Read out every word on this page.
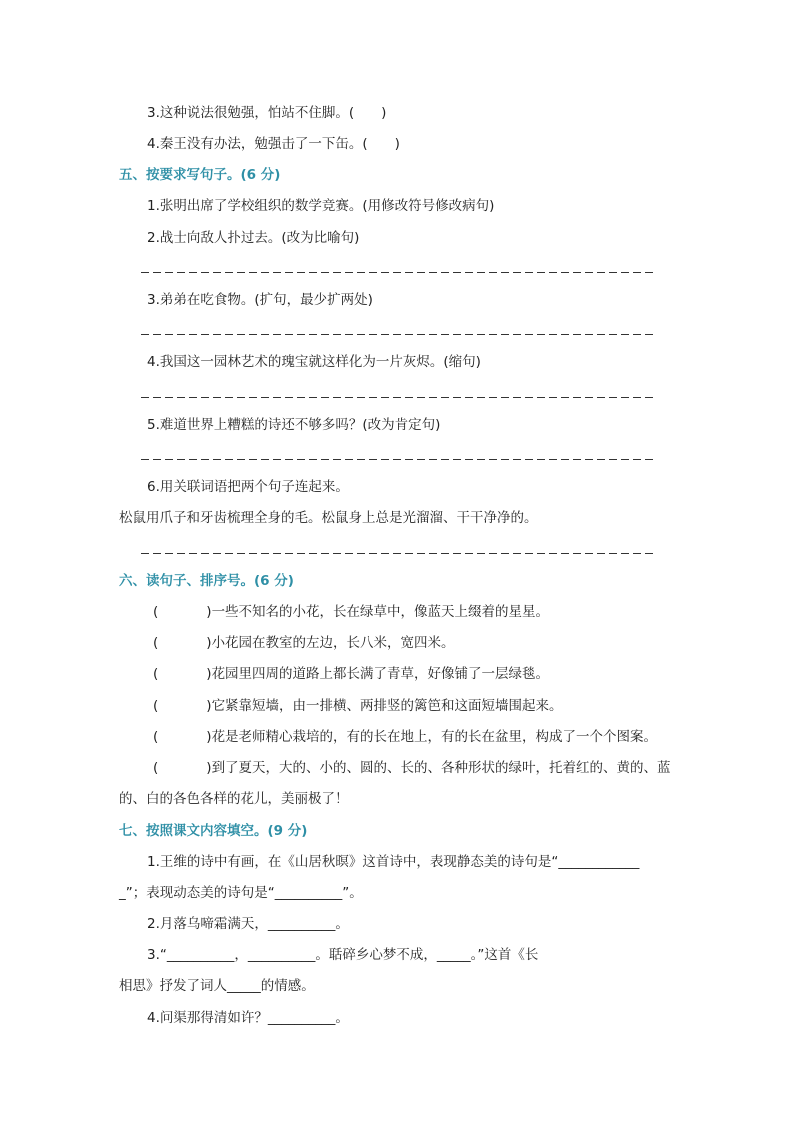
3.这种说法很勉强，怕站不住脚。(　　)
4.秦王没有办法，勉强击了一下缶。(　　)
五、按要求写句子。(6 分)
1.张明出席了学校组织的数学竞赛。(用修改符号修改病句)
2.战士向敌人扑过去。(改为比喻句)
3.弟弟在吃食物。(扩句，最少扩两处)
4.我国这一园林艺术的瑰宝就这样化为一片灰烬。(缩句)
5.难道世界上糟糕的诗还不够多吗？(改为肯定句)
6.用关联词语把两个句子连起来。
松鼠用爪子和牙齿梳理全身的毛。松鼠身上总是光溜溜、干干净净的。
六、读句子、排序号。(6 分)
(	)一些不知名的小花，长在绿草中，像蓝天上缀着的星星。
(	)小花园在教室的左边，长八米，宽四米。
(	)花园里四周的道路上都长满了青草，好像铺了一层绿毯。
(	)它紧靠短墙，由一排横、两排竖的篱笆和这面短墙围起来。
(	)花是老师精心栽培的，有的长在地上，有的长在盆里，构成了一个个图案。
(	)到了夏天，大的、小的、圆的、长的、各种形状的绿叶，托着红的、黄的、蓝
的、白的各色各样的花儿，美丽极了！
七、按照课文内容填空。(9 分)
1.王维的诗中有画，在《山居秋暝》这首诗中，表现静态美的诗句是“____________
_”；表现动态美的诗句是“__________”。
2.月落乌啼霜满天，__________。
3.“__________，__________。聒碎乡心梦不成，_____。”这首《长
相思》抒发了词人_____的情感。
4.问渠那得清如许？__________。
